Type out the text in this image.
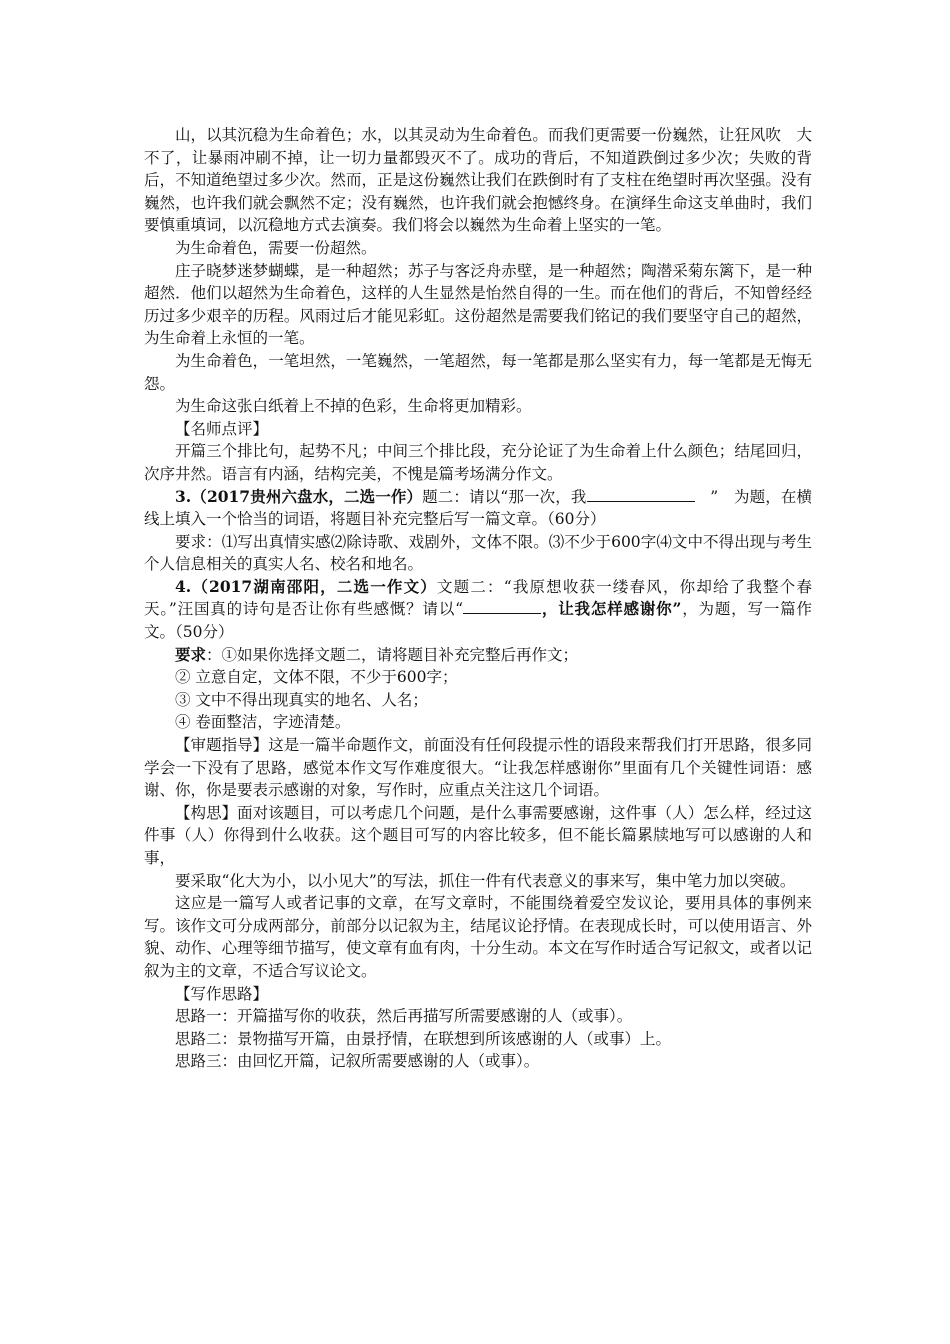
山，以其沉稳为生命着色；水，以其灵动为生命着色。而我们更需要一份巍然，让狂风吹　大不了，让暴雨冲刷不掉，让一切力量都毁灭不了。成功的背后，不知道跌倒过多少次；失败的背后，不知道绝望过多少次。然而，正是这份巍然让我们在跌倒时有了支柱在绝望时再次坚强。没有巍然，也许我们就会飘然不定；没有巍然，也许我们就会抱憾终身。在演绎生命这支单曲时，我们要慎重填词，以沉稳地方式去演奏。我们将会以巍然为生命着上坚实的一笔。

为生命着色，需要一份超然。

庄子晓梦迷梦蝴蝶，是一种超然；苏子与客泛舟赤壁，是一种超然；陶潜采菊东篱下，是一种超然．他们以超然为生命着色，这样的人生显然是怡然自得的一生。而在他们的背后，不知曾经经历过多少艰辛的历程。风雨过后才能见彩虹。这份超然是需要我们铭记的我们要坚守自己的超然，为生命着上永恒的一笔。

为生命着色，一笔坦然，一笔巍然，一笔超然，每一笔都是那么坚实有力，每一笔都是无悔无怨。

为生命这张白纸着上不掉的色彩，生命将更加精彩。

【名师点评】

开篇三个排比句，起势不凡；中间三个排比段，充分论证了为生命着上什么颜色；结尾回归，次序井然。语言有内涵，结构完美，不愧是篇考场满分作文。

3.（2017贵州六盘水，二选一作）题二：请以“那一次，我	　”　为题，在横线上填入一个恰当的词语，将题目补充完整后写一篇文章。（60分）

要求：⑴写出真情实感⑵除诗歌、戏剧外，文体不限。⑶不少于600字⑷文中不得出现与考生个人信息相关的真实人名、校名和地名。

4.（2017湖南邵阳，二选一作文）文题二：“我原想收获一缕春风，你却给了我整个春天。”汪国真的诗句是否让你有些感慨？请以“	，让我怎样感谢你”，为题，写一篇作文。（50分）

要求：①如果你选择文题二，请将题目补充完整后再作文；

② 立意自定，文体不限，不少于600字；

③ 文中不得出现真实的地名、人名；

④ 卷面整洁，字迹清楚。

【审题指导】这是一篇半命题作文，前面没有任何段提示性的语段来帮我们打开思路，很多同学会一下没有了思路，感觉本作文写作难度很大。“让我怎样感谢你”里面有几个关键性词语：感谢、你，你是要表示感谢的对象，写作时，应重点关注这几个词语。

【构思】面对该题目，可以考虑几个问题，是什么事需要感谢，这件事（人）怎么样，经过这件事（人）你得到什么收获。这个题目可写的内容比较多，但不能长篇累牍地写可以感谢的人和事，

要采取“化大为小，以小见大”的写法，抓住一件有代表意义的事来写，集中笔力加以突破。

这应是一篇写人或者记事的文章，在写文章时，不能围绕着爱空发议论，要用具体的事例来写。该作文可分成两部分，前部分以记叙为主，结尾议论抒情。在表现成长时，可以使用语言、外貌、动作、心理等细节描写，使文章有血有肉，十分生动。本文在写作时适合写记叙文，或者以记叙为主的文章，不适合写议论文。

【写作思路】

思路一：开篇描写你的收获，然后再描写所需要感谢的人（或事）。

思路二：景物描写开篇，由景抒情，在联想到所该感谢的人（或事）上。

思路三：由回忆开篇，记叙所需要感谢的人（或事）。
